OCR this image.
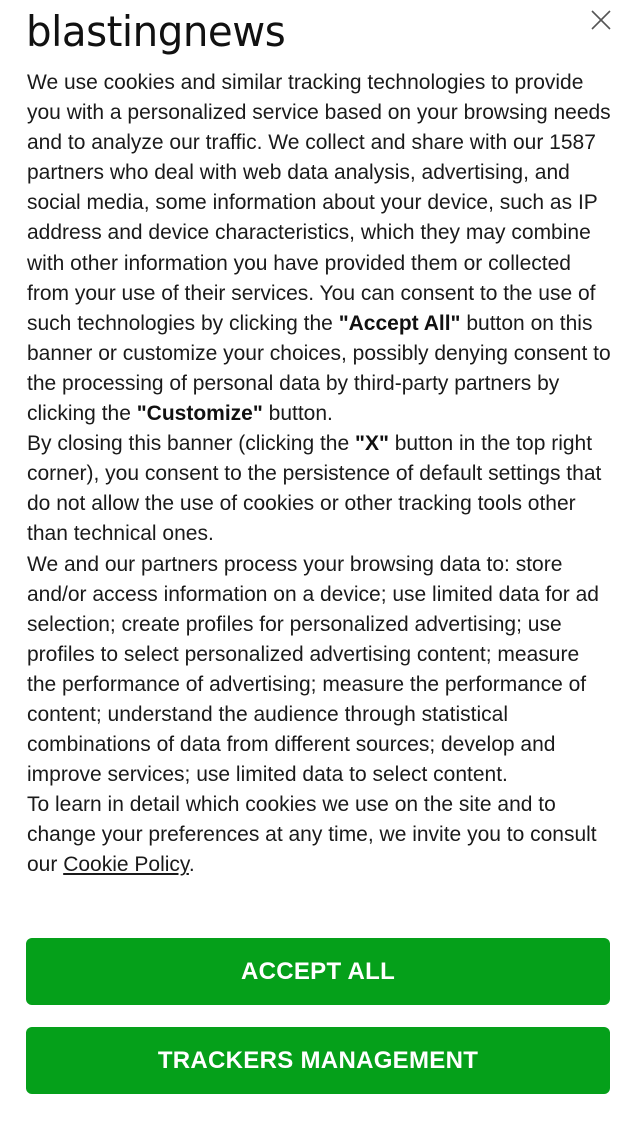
blastingnews

We use cookies and similar tracking technologies to provide you with a personalized service based on your browsing needs and to analyze our traffic. We collect and share with our 1587 partners who deal with web data analysis, advertising, and social media, some information about your device, such as IP address and device characteristics, which they may combine with other information you have provided them or collected from your use of their services. You can consent to the use of such technologies by clicking the "Accept All" button on this banner or customize your choices, possibly denying consent to the processing of personal data by third-party partners by clicking the "Customize" button.

By closing this banner (clicking the "X" button in the top right corner), you consent to the persistence of default settings that do not allow the use of cookies or other tracking tools other than technical ones.

We and our partners process your browsing data to: store and/or access information on a device; use limited data for ad selection; create profiles for personalized advertising; use profiles to select personalized advertising content; measure the performance of advertising; measure the performance of content; understand the audience through statistical combinations of data from different sources; develop and improve services; use limited data to select content.

To learn in detail which cookies we use on the site and to change your preferences at any time, we invite you to consult our Cookie Policy.

ACCEPT ALL
TRACKERS MANAGEMENT
